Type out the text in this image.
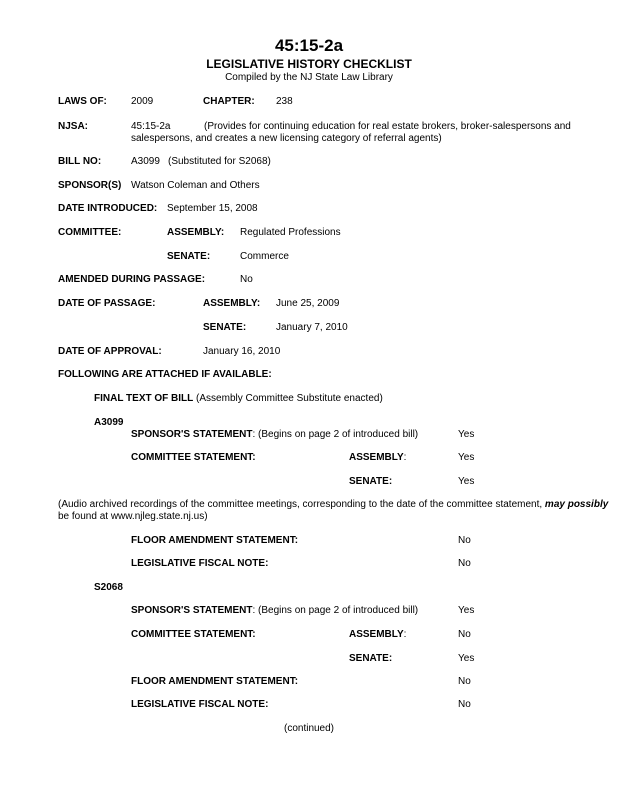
45:15-2a
LEGISLATIVE HISTORY CHECKLIST
Compiled by the NJ State Law Library
LAWS OF: 2009	CHAPTER: 238
NJSA:	45:15-2a	(Provides for continuing education for real estate brokers, broker-salespersons and
salespersons, and creates a new licensing category of referral agents)
BILL NO:	A3099 (Substituted for S2068)
SPONSOR(S) Watson Coleman and Others
DATE INTRODUCED: September 15, 2008
COMMITTEE:	ASSEMBLY: Regulated Professions
SENATE:	Commerce
AMENDED DURING PASSAGE:	No
DATE OF PASSAGE:	ASSEMBLY: June 25, 2009
SENATE:	January 7, 2010
DATE OF APPROVAL:	January 16, 2010
FOLLOWING ARE ATTACHED IF AVAILABLE:
FINAL TEXT OF BILL (Assembly Committee Substitute enacted)
A3099
SPONSOR'S STATEMENT: (Begins on page 2 of introduced bill)	Yes
COMMITTEE STATEMENT:	ASSEMBLY:	Yes
SENATE:	Yes
(Audio archived recordings of the committee meetings, corresponding to the date of the committee statement, may possibly
be found at www.njleg.state.nj.us)
FLOOR AMENDMENT STATEMENT:	No
LEGISLATIVE FISCAL NOTE:	No
S2068
SPONSOR'S STATEMENT: (Begins on page 2 of introduced bill)	Yes
COMMITTEE STATEMENT:	ASSEMBLY:	No
SENATE:	Yes
FLOOR AMENDMENT STATEMENT:	No
LEGISLATIVE FISCAL NOTE:	No
(continued)
